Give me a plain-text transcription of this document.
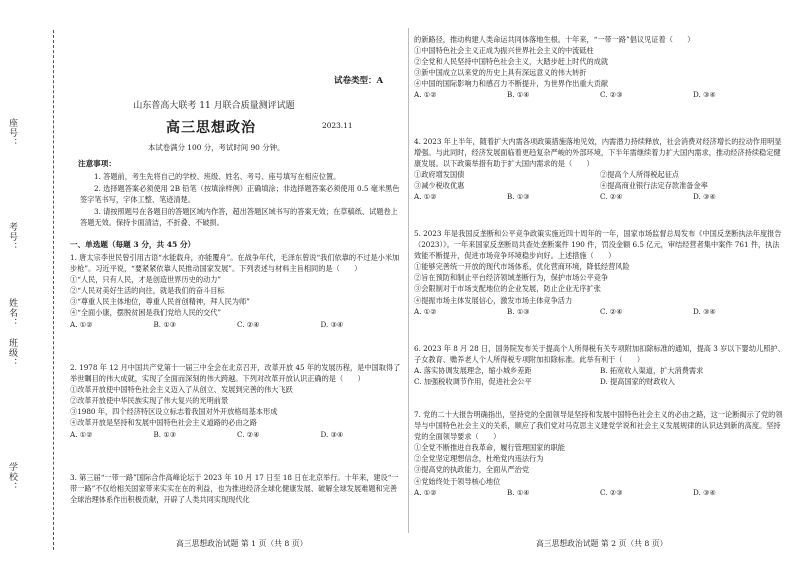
学校：
班级：
姓名：
考号：
座号：
试卷类型：A
山东普高大联考 11 月联合质量测评试题
高三思想政治	2023.11
本试卷满分 100 分，考试时间 90 分钟。
注意事项：
1. 答题前，考生先将自己的学校、班级、姓名、考号、座号填写在相应位置。
2. 选择题答案必须使用 2B 铅笔（按填涂样例）正确填涂；非选择题答案必须使用 0.5 毫米黑色签字笔书写，字体工整、笔迹清楚。
3. 请按照题号在各题目的答题区域内作答，超出答题区域书写的答案无效；在草稿纸、试题卷上答题无效。保持卡面清洁，不折叠、不破损。
一、单选题（每题 3 分，共 45 分）

1. 唐太宗李世民曾引用古语“水能载舟，亦能覆舟”。在战争年代，毛泽东曾说“我们依靠的不过是小米加步枪”。习近平说，“要紧紧依靠人民推动国家发展”。下列表述与材料主旨相同的是（　　）

①“人民，只有人民，才是创造世界历史的动力”

②“人民对美好生活的向往，就是我们的奋斗目标

③“尊重人民主体地位，尊重人民首创精神，拜人民为师”

④“全面小康，摆脱贫困是我们党给人民的交代”

A. ①②	B. ①③	C. ②④	D. ③④

2. 1978 年 12 月中国共产党第十一届三中全会在北京召开，改革开放 45 年的发展历程，是中国取得了举世瞩目的伟大成就，实现了全面而深刻的伟大跨越。下列对改革开放认识正确的是（　　）

①改革开放使中国特色社会主义迈入了从创立、发展到完善的伟大飞跃

②改革开放使中华民族实现了伟大复兴的光明前景

③1980 年，四个经济特区设立标志着我国对外开放格局基本形成

④改革开放是坚持和发展中国特色社会主义道路的必由之路

A. ①②	B. ①③	C. ②④	D. ③④

3. 第三届“一带一路”国际合作高峰论坛于 2023 年 10 月 17 日至 18 日在北京举行。十年来，建设“一带一路”不仅给相关国家带来实实在在的利益，也为推进经济全球化健康发展、破解全球发展难题和完善全球治理体系作出积极贡献，开辟了人类共同实现现代化

高三思想政治试题 第 1 页（共 8 页）

的新路径，推动构建人类命运共同体落地生根。十年来，“一带一路”倡议见证着（　　）

①中国特色社会主义正成为振兴世界社会主义的中流砥柱

②全党和人民坚持中国特色社会主义，大踏步赶上时代的成就

③新中国成立以来党的历史上具有深远意义的伟大转折

④中国的国际影响力和感召力不断提升，为世界作出重大贡献

A. ①②	B. ①④	C. ②③	D. ③④

4. 2023 年上半年，随着扩大内需各项政策措施落地见效，内需潜力持续释放，社会消费对经济增长的拉动作用明显增强。与此同时，经济发展面临着更趋复杂严峻的外部环境，下半年需继续着力扩大国内需求，推动经济持续稳定健康发展。以下政策举措有助于扩大国内需求的是（　　）

①政府增发国债	②提高个人所得税起征点
③减少税收优惠	④提高商业银行法定存款准备金率
A. ①②	B. ①③	C. ②④	D. ③④

5. 2023 年是我国反垄断和公平竞争政策实施近四十周年的一年，国家市场监督总局发布《中国反垄断执法年度报告（2023）》。一年来国家反垄断局共查处垄断案件 190 件，罚没金额 6.5 亿元，审结经营者集中案件 761 件，执法效能不断提升，促进市场竞争环境稳步向好。上述措施（　　）

①能够完善统一开放的现代市场体系，优化营商环境，降低经营风险

②旨在预防和制止平台经济领域垄断行为，保护市场公平竞争

③会限制对于市场支配地位的企业发展，防止企业无序扩张

④提振市场主体发展信心，激发市场主体竞争活力

A. ①②	B. ①③	C. ②④	D. ③④

6. 2023 年 8 月 28 日，国务院发布关于提高个人所得税有关专项附加扣除标准的通知，提高 3 岁以下婴幼儿照护、子女教育、赡养老人个人所得税专项附加扣除标准。此举有利于（　　）

A. 落实协调发展理念，缩小城乡差距	B. 拓宽收入渠道，扩大消费需求
C. 加强税收调节作用，促进社会公平	D. 提高国家的财政收入

7. 党的二十大报告明确指出，坚持党的全面领导是坚持和发展中国特色社会主义的必由之路，这一论断揭示了党的领导与中国特色社会主义的关系，顺应了我们党对马克思主义建党学说和社会主义发展规律的认识达到新的高度。坚持党的全面领导要求（　　）

①全党不断推进自我革命，履行管理国家的职能

②全党坚定理想信念，杜绝党内违法行为

③提高党的执政能力，全面从严治党

④党始终处于领导核心地位

A. ①②	B. ①④	C. ②③	D. ③④
高三思想政治试题 第 2 页（共 8 页）
